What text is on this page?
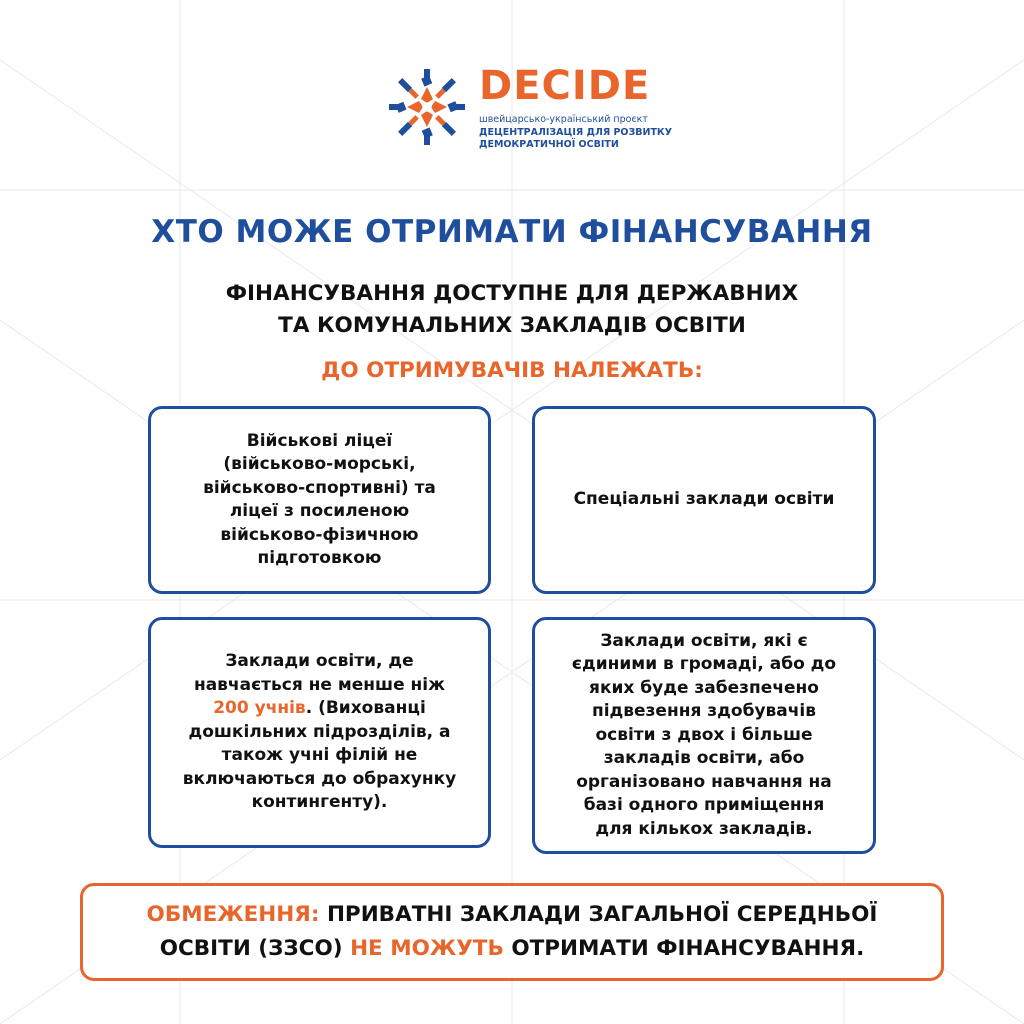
DECIDE
швейцарсько-український проєкт
ДЕЦЕНТРАЛІЗАЦІЯ ДЛЯ РОЗВИТКУ
ДЕМОКРАТИЧНОЇ ОСВІТИ
ХТО МОЖЕ ОТРИМАТИ ФІНАНСУВАННЯ
ФІНАНСУВАННЯ ДОСТУПНЕ ДЛЯ ДЕРЖАВНИХ
ТА КОМУНАЛЬНИХ ЗАКЛАДІВ ОСВІТИ
ДО ОТРИМУВАЧІВ НАЛЕЖАТЬ:
Військові ліцеї
(військово-морські,
військово-спортивні) та
ліцеї з посиленою
військово-фізичною
підготовкою
Спеціальні заклади освіти
Заклади освіти, де
навчається не менше ніж
200 учнів. (Вихованці
дошкільних підрозділів, а
також учні філій не
включаються до обрахунку
контингенту).
Заклади освіти, які є
єдиними в громаді, або до
яких буде забезпечено
підвезення здобувачів
освіти з двох і більше
закладів освіти, або
організовано навчання на
базі одного приміщення
для кількох закладів.
ОБМЕЖЕННЯ: ПРИВАТНІ ЗАКЛАДИ ЗАГАЛЬНОЇ СЕРЕДНЬОЇ
ОСВІТИ (ЗЗСО) НЕ МОЖУТЬ ОТРИМАТИ ФІНАНСУВАННЯ.
